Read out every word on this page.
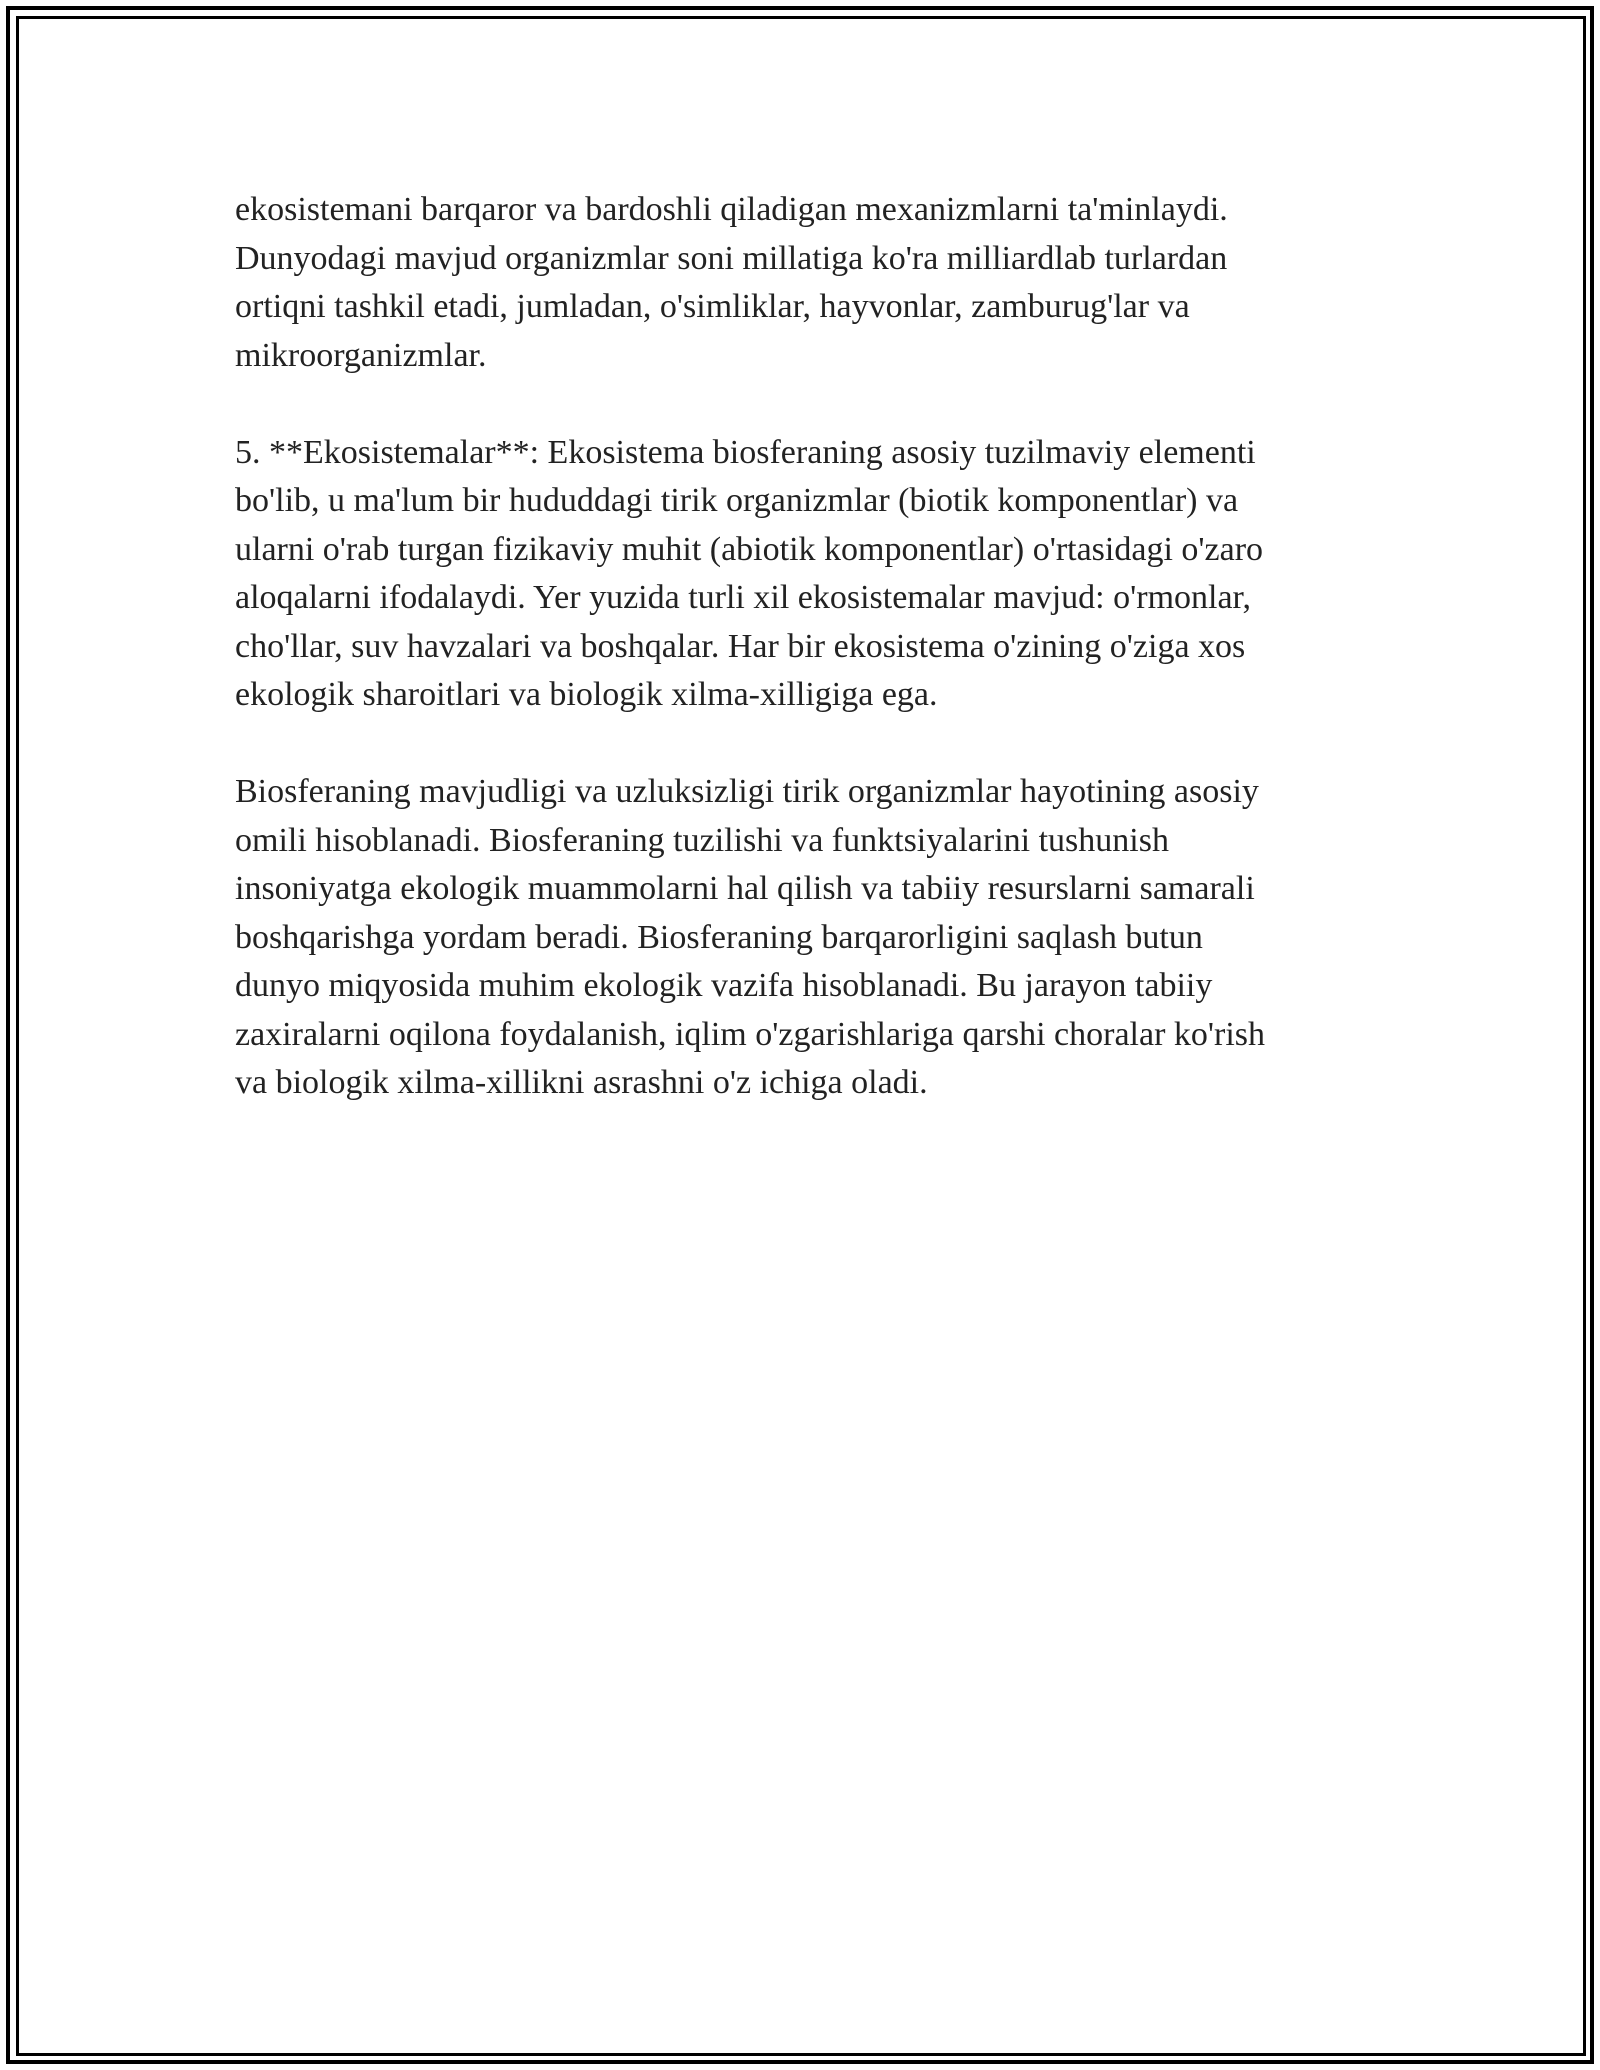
ekosistemani barqaror va bardoshli qiladigan mexanizmlarni ta'minlaydi.
Dunyodagi mavjud organizmlar soni millatiga ko'ra milliardlab turlardan
ortiqni tashkil etadi, jumladan, o'simliklar, hayvonlar, zamburug'lar va
mikroorganizmlar.

5. **Ekosistemalar**: Ekosistema biosferaning asosiy tuzilmaviy elementi
bo'lib, u ma'lum bir hududdagi tirik organizmlar (biotik komponentlar) va
ularni o'rab turgan fizikaviy muhit (abiotik komponentlar) o'rtasidagi o'zaro
aloqalarni ifodalaydi. Yer yuzida turli xil ekosistemalar mavjud: o'rmonlar,
cho'llar, suv havzalari va boshqalar. Har bir ekosistema o'zining o'ziga xos
ekologik sharoitlari va biologik xilma-xilligiga ega.

Biosferaning mavjudligi va uzluksizligi tirik organizmlar hayotining asosiy
omili hisoblanadi. Biosferaning tuzilishi va funktsiyalarini tushunish
insoniyatga ekologik muammolarni hal qilish va tabiiy resurslarni samarali
boshqarishga yordam beradi. Biosferaning barqarorligini saqlash butun
dunyo miqyosida muhim ekologik vazifa hisoblanadi. Bu jarayon tabiiy
zaxiralarni oqilona foydalanish, iqlim o'zgarishlariga qarshi choralar ko'rish
va biologik xilma-xillikni asrashni o'z ichiga oladi.
